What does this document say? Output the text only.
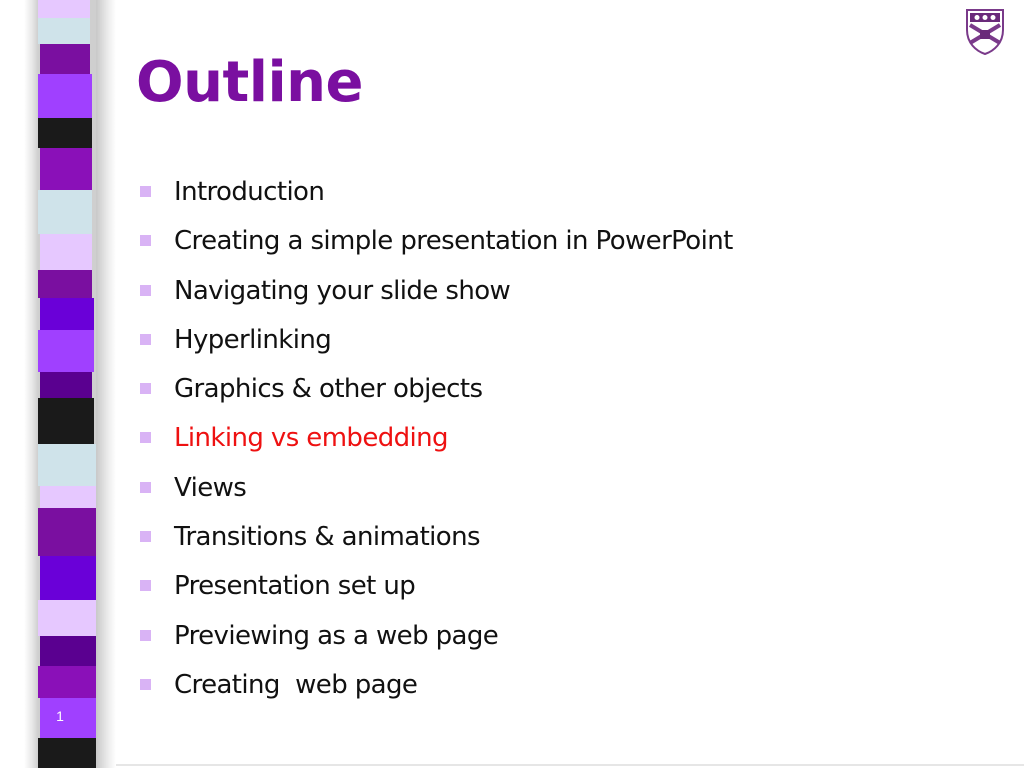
1
Outline
Introduction
Creating a simple presentation in PowerPoint
Navigating your slide show
Hyperlinking
Graphics & other objects
Linking vs embedding
Views
Transitions & animations
Presentation set up
Previewing as a web page
Creating  web page
